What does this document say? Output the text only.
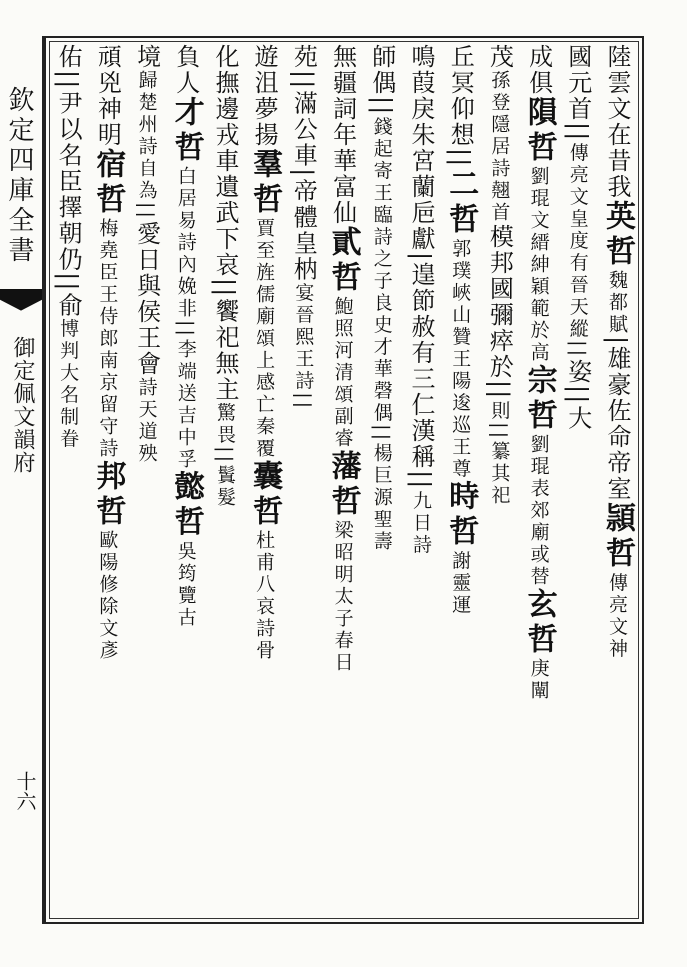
欽定四庫全書
御定佩文韻府
十六
陸雲文在昔我英哲魏都賦|雄豪佐命帝室頴哲傳亮文神
國元首||傳亮文皇度有晉天縱||姿||大
成俱隕哲劉琨文縉紳穎範於高宗哲劉琨表郊廟或替玄哲庚闡
茂孫登隱居詩翹首模邦國彌瘁於||則||纂其祀
丘冥仰想||二哲郭璞峽山贊王陽逡巡王尊時哲謝靈運
鳴葭戾朱宮蘭巵獻|遑節赦有三仁漢稱||九日詩
師偶||錢起寄王臨詩之子良史才華磬偶||楊巨源聖壽
無疆詞年華富仙貳哲鮑照河清頌副睿藩哲梁昭明太子春日
苑||滿公車|帝體皇枘宴晉熙王詩||
遊沮夢揚羣哲賈至旌儒廟頌上感亡秦覆囊哲杜甫八哀詩骨
化撫邊戎車遺武下哀||饗祀無主驚畏||鬒髮
負人才哲白居易詩內娩非||李端送吉中孚懿哲吳筠覽古
境歸楚州詩自為||愛日與侯王會詩天道殃
頑兇神明宿哲梅堯臣王侍郎南京留守詩邦哲歐陽修除文彥
佑||尹以名臣擇朝仍||俞博判大名制眷
